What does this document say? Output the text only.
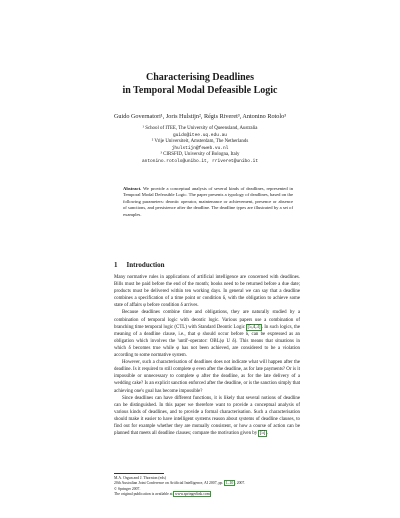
Characterising Deadlines
in Temporal Modal Defeasible Logic
Guido Governatori¹, Joris Hulstijn², Régis Riveret³, Antonino Rotolo³
¹ School of ITEE, The University of Queensland, Australia
guido@itee.uq.edu.au
² Vrije Universiteit, Amsterdam, The Netherlands
jhulstijn@feweb.vu.nl
³ CIRSFID, University of Bologna, Italy
antonino.rotolo@unibo.it, rriveret@unibo.it
Abstract. We provide a conceptual analysis of several kinds of deadlines, represented in Temporal Modal Defeasible Logic. The paper presents a typology of deadlines, based on the following parameters: deontic operator, maintenance or achievement, presence or absence of sanctions, and persistence after the deadline. The deadline types are illustrated by a set of examples.
1 Introduction

Many normative rules in applications of artificial intelligence are concerned with deadlines. Bills must be paid before the end of the month; books need to be returned before a due date; products must be delivered within ten working days. In general we can say that a deadline combines a specification of a time point or condition δ, with the obligation to achieve some state of affairs φ before condition δ arrives.

Because deadlines combine time and obligations, they are naturally studied by a combination of temporal logic with deontic logic. Various papers use a combination of branching time temporal logic (CTL) with Standard Deontic Logic [5,4,3]. In such logics, the meaning of a deadline clause, i.e., that φ should occur before δ, can be expressed as an obligation which involves the 'until'-operator: OBL(φ U δ). This means that situations in which δ becomes true while φ has not been achieved, are considered to be a violation according to some normative system.

However, such a characterisation of deadlines does not indicate what will happen after the deadline. Is it required to still complete φ even after the deadline, as for late payments? Or is it impossible or unnecessary to complete φ after the deadline, as for the late delivery of a wedding cake? Is an explicit sanction enforced after the deadline, or is the sanction simply that achieving one's goal has become impossible?

Since deadlines can have different functions, it is likely that several notions of deadline can be distinguished. In this paper we therefore want to provide a conceptual analysis of various kinds of deadlines, and to provide a formal characterisation. Such a characterisation should make it easier to have intelligent systems reason about systems of deadline clauses, to find out for example whether they are mutually consistent, or how a course of action can be planned that meets all deadline clauses; compare the motivation given by [5].

M.A. Orgun and J. Thornton (eds)
20th Australian Joint Conference on Artificial Intelligence, AI 2007, pp. 1–10 , 2007.
© Springer 2007.
The original publication is available at www.springerlink.com
